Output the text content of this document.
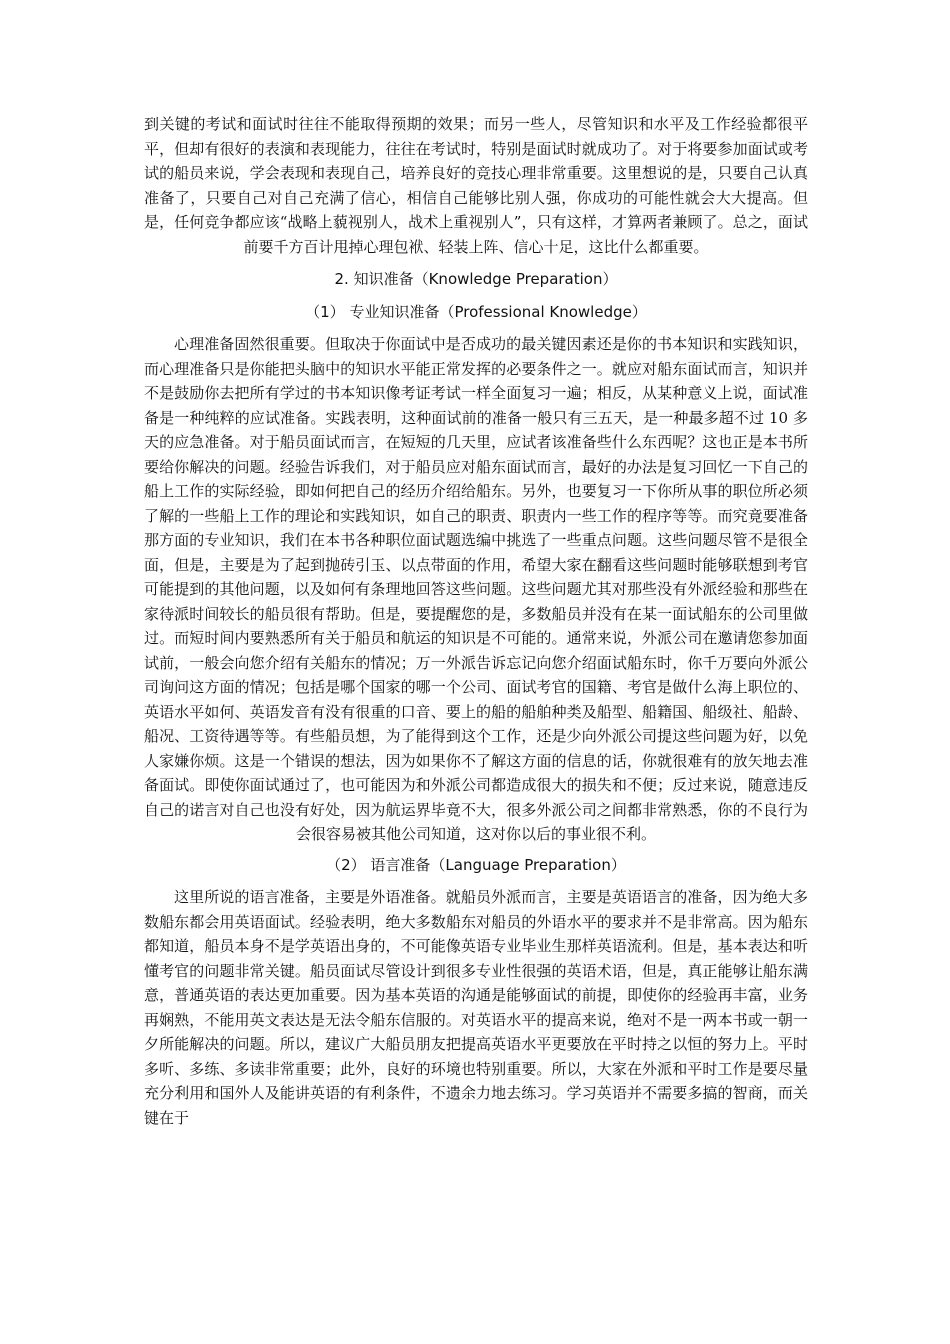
到关键的考试和面试时往往不能取得预期的效果；而另一些人，尽管知识和水平及工作经验都很平平，但却有很好的表演和表现能力，往往在考试时，特别是面试时就成功了。对于将要参加面试或考试的船员来说，学会表现和表现自己，培养良好的竞技心理非常重要。这里想说的是，只要自己认真准备了，只要自己对自己充满了信心，相信自己能够比别人强，你成功的可能性就会大大提高。但是，任何竞争都应该“战略上藐视别人，战术上重视别人”，只有这样，才算两者兼顾了。总之，面试前要千方百计甩掉心理包袱、轻装上阵、信心十足，这比什么都重要。

2. 知识准备（Knowledge Preparation）

（1） 专业知识准备（Professional Knowledge）

心理准备固然很重要。但取决于你面试中是否成功的最关键因素还是你的书本知识和实践知识，而心理准备只是你能把头脑中的知识水平能正常发挥的必要条件之一。就应对船东面试而言，知识并不是鼓励你去把所有学过的书本知识像考证考试一样全面复习一遍；相反，从某种意义上说，面试准备是一种纯粹的应试准备。实践表明，这种面试前的准备一般只有三五天，是一种最多超不过 10 多天的应急准备。对于船员面试而言，在短短的几天里，应试者该准备些什么东西呢？这也正是本书所要给你解决的问题。经验告诉我们，对于船员应对船东面试而言，最好的办法是复习回忆一下自己的船上工作的实际经验，即如何把自己的经历介绍给船东。另外，也要复习一下你所从事的职位所必须了解的一些船上工作的理论和实践知识，如自己的职责、职责内一些工作的程序等等。而究竟要准备那方面的专业知识，我们在本书各种职位面试题选编中挑选了一些重点问题。这些问题尽管不是很全面，但是，主要是为了起到抛砖引玉、以点带面的作用，希望大家在翻看这些问题时能够联想到考官可能提到的其他问题，以及如何有条理地回答这些问题。这些问题尤其对那些没有外派经验和那些在家待派时间较长的船员很有帮助。但是，要提醒您的是，多数船员并没有在某一面试船东的公司里做过。而短时间内要熟悉所有关于船员和航运的知识是不可能的。通常来说，外派公司在邀请您参加面试前，一般会向您介绍有关船东的情况；万一外派告诉忘记向您介绍面试船东时，你千万要向外派公司询问这方面的情况；包括是哪个国家的哪一个公司、面试考官的国籍、考官是做什么海上职位的、英语水平如何、英语发音有没有很重的口音、要上的船的船舶种类及船型、船籍国、船级社、船龄、船况、工资待遇等等。有些船员想，为了能得到这个工作，还是少向外派公司提这些问题为好，以免人家嫌你烦。这是一个错误的想法，因为如果你不了解这方面的信息的话，你就很难有的放矢地去准备面试。即使你面试通过了，也可能因为和外派公司都造成很大的损失和不便；反过来说，随意违反自己的诺言对自己也没有好处，因为航运界毕竟不大，很多外派公司之间都非常熟悉，你的不良行为会很容易被其他公司知道，这对你以后的事业很不利。

（2） 语言准备（Language Preparation）

这里所说的语言准备，主要是外语准备。就船员外派而言，主要是英语语言的准备，因为绝大多数船东都会用英语面试。经验表明，绝大多数船东对船员的外语水平的要求并不是非常高。因为船东都知道，船员本身不是学英语出身的，不可能像英语专业毕业生那样英语流利。但是，基本表达和听懂考官的问题非常关键。船员面试尽管设计到很多专业性很强的英语术语，但是，真正能够让船东满意，普通英语的表达更加重要。因为基本英语的沟通是能够面试的前提，即使你的经验再丰富，业务再娴熟，不能用英文表达是无法令船东信服的。对英语水平的提高来说，绝对不是一两本书或一朝一夕所能解决的问题。所以，建议广大船员朋友把提高英语水平更要放在平时持之以恒的努力上。平时多听、多练、多读非常重要；此外，良好的环境也特别重要。所以，大家在外派和平时工作是要尽量充分利用和国外人及能讲英语的有利条件，不遗余力地去练习。学习英语并不需要多搞的智商，而关键在于
